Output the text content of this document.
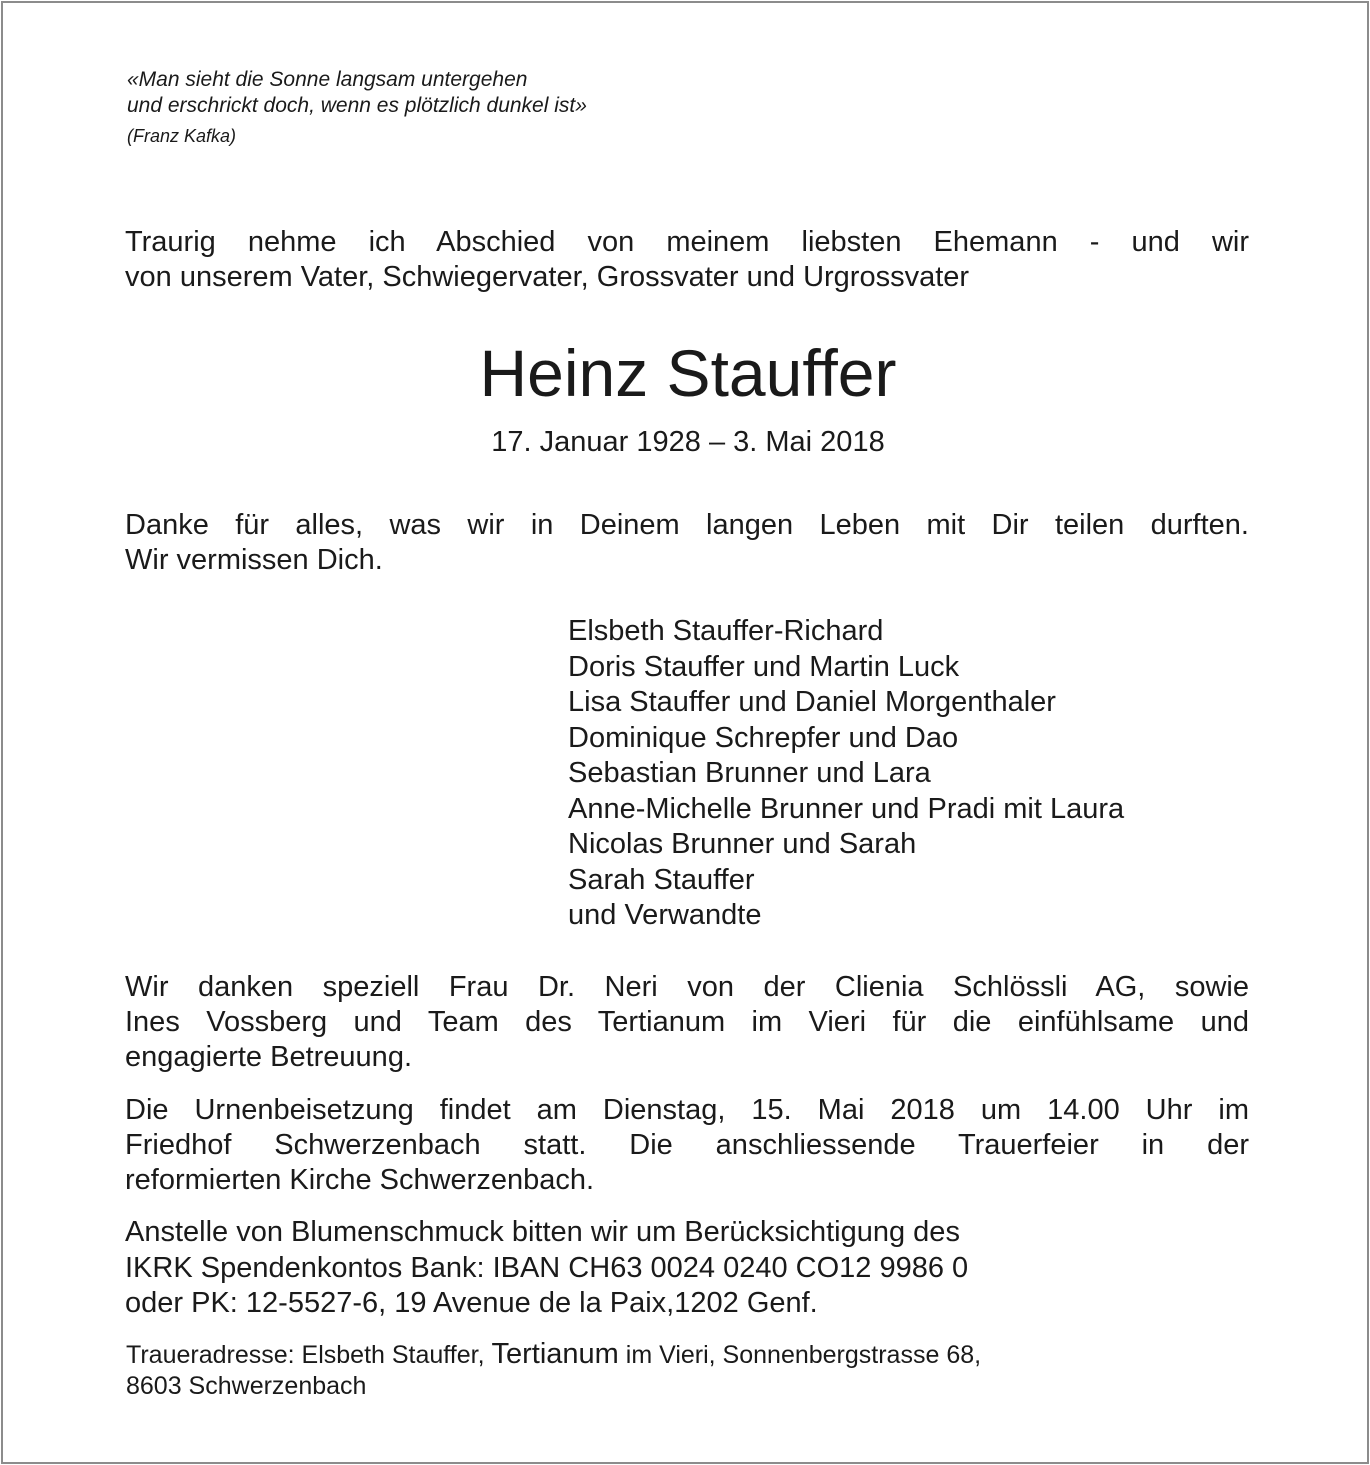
«Man sieht die Sonne langsam untergehen
und erschrickt doch, wenn es plötzlich dunkel ist»
(Franz Kafka)
Traurig nehme ich Abschied von meinem liebsten Ehemann - und wir
von unserem Vater, Schwiegervater, Grossvater und Urgrossvater
Heinz Stauffer
17. Januar 1928 – 3. Mai 2018
Danke für alles, was wir in Deinem langen Leben mit Dir teilen durften.
Wir vermissen Dich.
Elsbeth Stauffer-Richard
Doris Stauffer und Martin Luck
Lisa Stauffer und Daniel Morgenthaler
Dominique Schrepfer und Dao
Sebastian Brunner und Lara
Anne-Michelle Brunner und Pradi mit Laura
Nicolas Brunner und Sarah
Sarah Stauffer
und Verwandte
Wir danken speziell Frau Dr. Neri von der Clienia Schlössli AG, sowie
Ines Vossberg und Team des Tertianum im Vieri für die einfühlsame und
engagierte Betreuung.
Die Urnenbeisetzung findet am Dienstag, 15. Mai 2018 um 14.00 Uhr im
Friedhof Schwerzenbach statt. Die anschliessende Trauerfeier in der
reformierten Kirche Schwerzenbach.
Anstelle von Blumenschmuck bitten wir um Berücksichtigung des
IKRK Spendenkontos Bank: IBAN CH63 0024 0240 CO12 9986 0
oder PK: 12-5527-6, 19 Avenue de la Paix,1202 Genf.
Traueradresse: Elsbeth Stauffer, Tertianum im Vieri, Sonnenbergstrasse 68,
8603 Schwerzenbach
